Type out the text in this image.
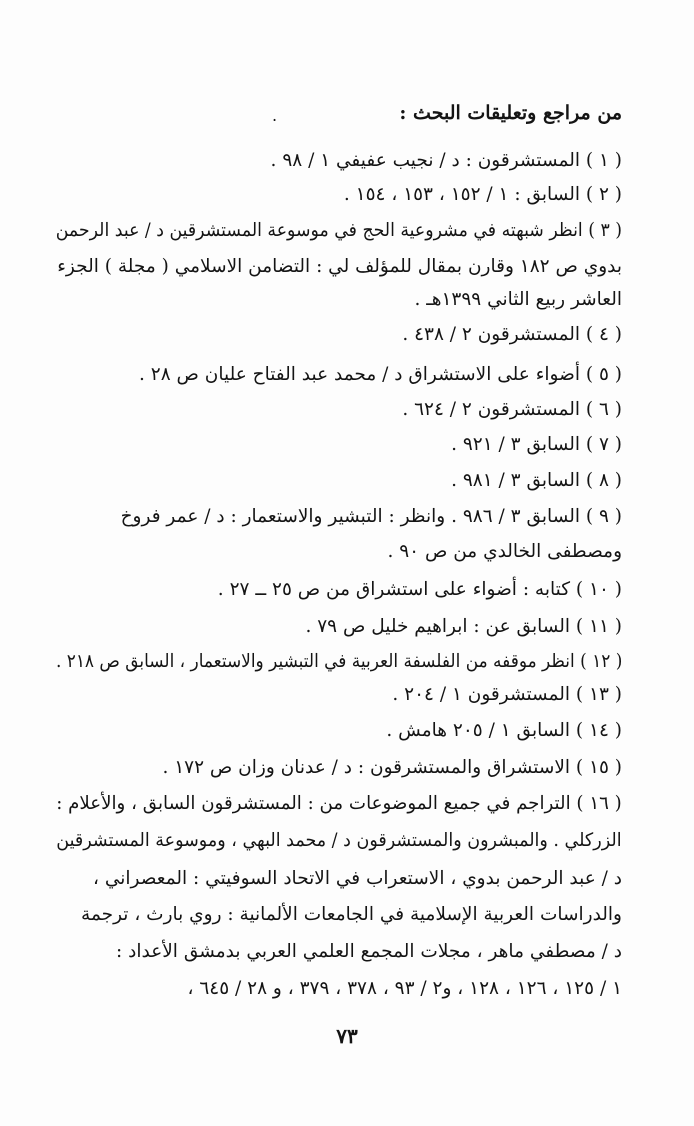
من مراجع وتعليقات البحث :
.
( ١ ) المستشرقون : د / نجيب عفيفي ١ / ٩٨ .
( ٢ ) السابق : ١ / ١٥٢ ، ١٥٣ ، ١٥٤ .
( ٣ ) انظر شبهته في مشروعية الحج في موسوعة المستشرقين د / عبد الرحمن
بدوي ص ١٨٢ وقارن بمقال للمؤلف لي : التضامن الاسلامي ( مجلة ) الجزء
العاشر ربيع الثاني ١٣٩٩هـ .
( ٤ ) المستشرقون ٢ / ٤٣٨ .
( ٥ ) أضواء على الاستشراق د / محمد عبد الفتاح عليان ص ٢٨ .
( ٦ ) المستشرقون ٢ / ٦٢٤ .
( ٧ ) السابق ٣ / ٩٢١ .
( ٨ ) السابق ٣ / ٩٨١ .
( ٩ ) السابق ٣ / ٩٨٦ . وانظر : التبشير والاستعمار : د / عمر فروخ
ومصطفى الخالدي من ص ٩٠ .
( ١٠ ) كتابه : أضواء على استشراق من ص ٢٥ ــ ٢٧ .
( ١١ ) السابق عن : ابراهيم خليل ص ٧٩ .
( ١٢ ) انظر موقفه من الفلسفة العربية في التبشير والاستعمار ، السابق ص ٢١٨ .
( ١٣ ) المستشرقون ١ / ٢٠٤ .
( ١٤ ) السابق ١ / ٢٠٥ هامش .
( ١٥ ) الاستشراق والمستشرقون : د / عدنان وزان ص ١٧٢ .
( ١٦ ) التراجم في جميع الموضوعات من : المستشرقون السابق ، والأعلام :
الزركلي . والمبشرون والمستشرقون د / محمد البهي ، وموسوعة المستشرقين
د / عبد الرحمن بدوي ، الاستعراب في الاتحاد السوفيتي : المعصراني ،
والدراسات العربية الإسلامية في الجامعات الألمانية : روي بارث ، ترجمة
د / مصطفي ماهر ، مجلات المجمع العلمي العربي بدمشق الأعداد :
١ / ١٢٥ ، ١٢٦ ، ١٢٨ ، و٢ / ٩٣ ، ٣٧٨ ، ٣٧٩ ، و ٢٨ / ٦٤٥ ،
٧٣
